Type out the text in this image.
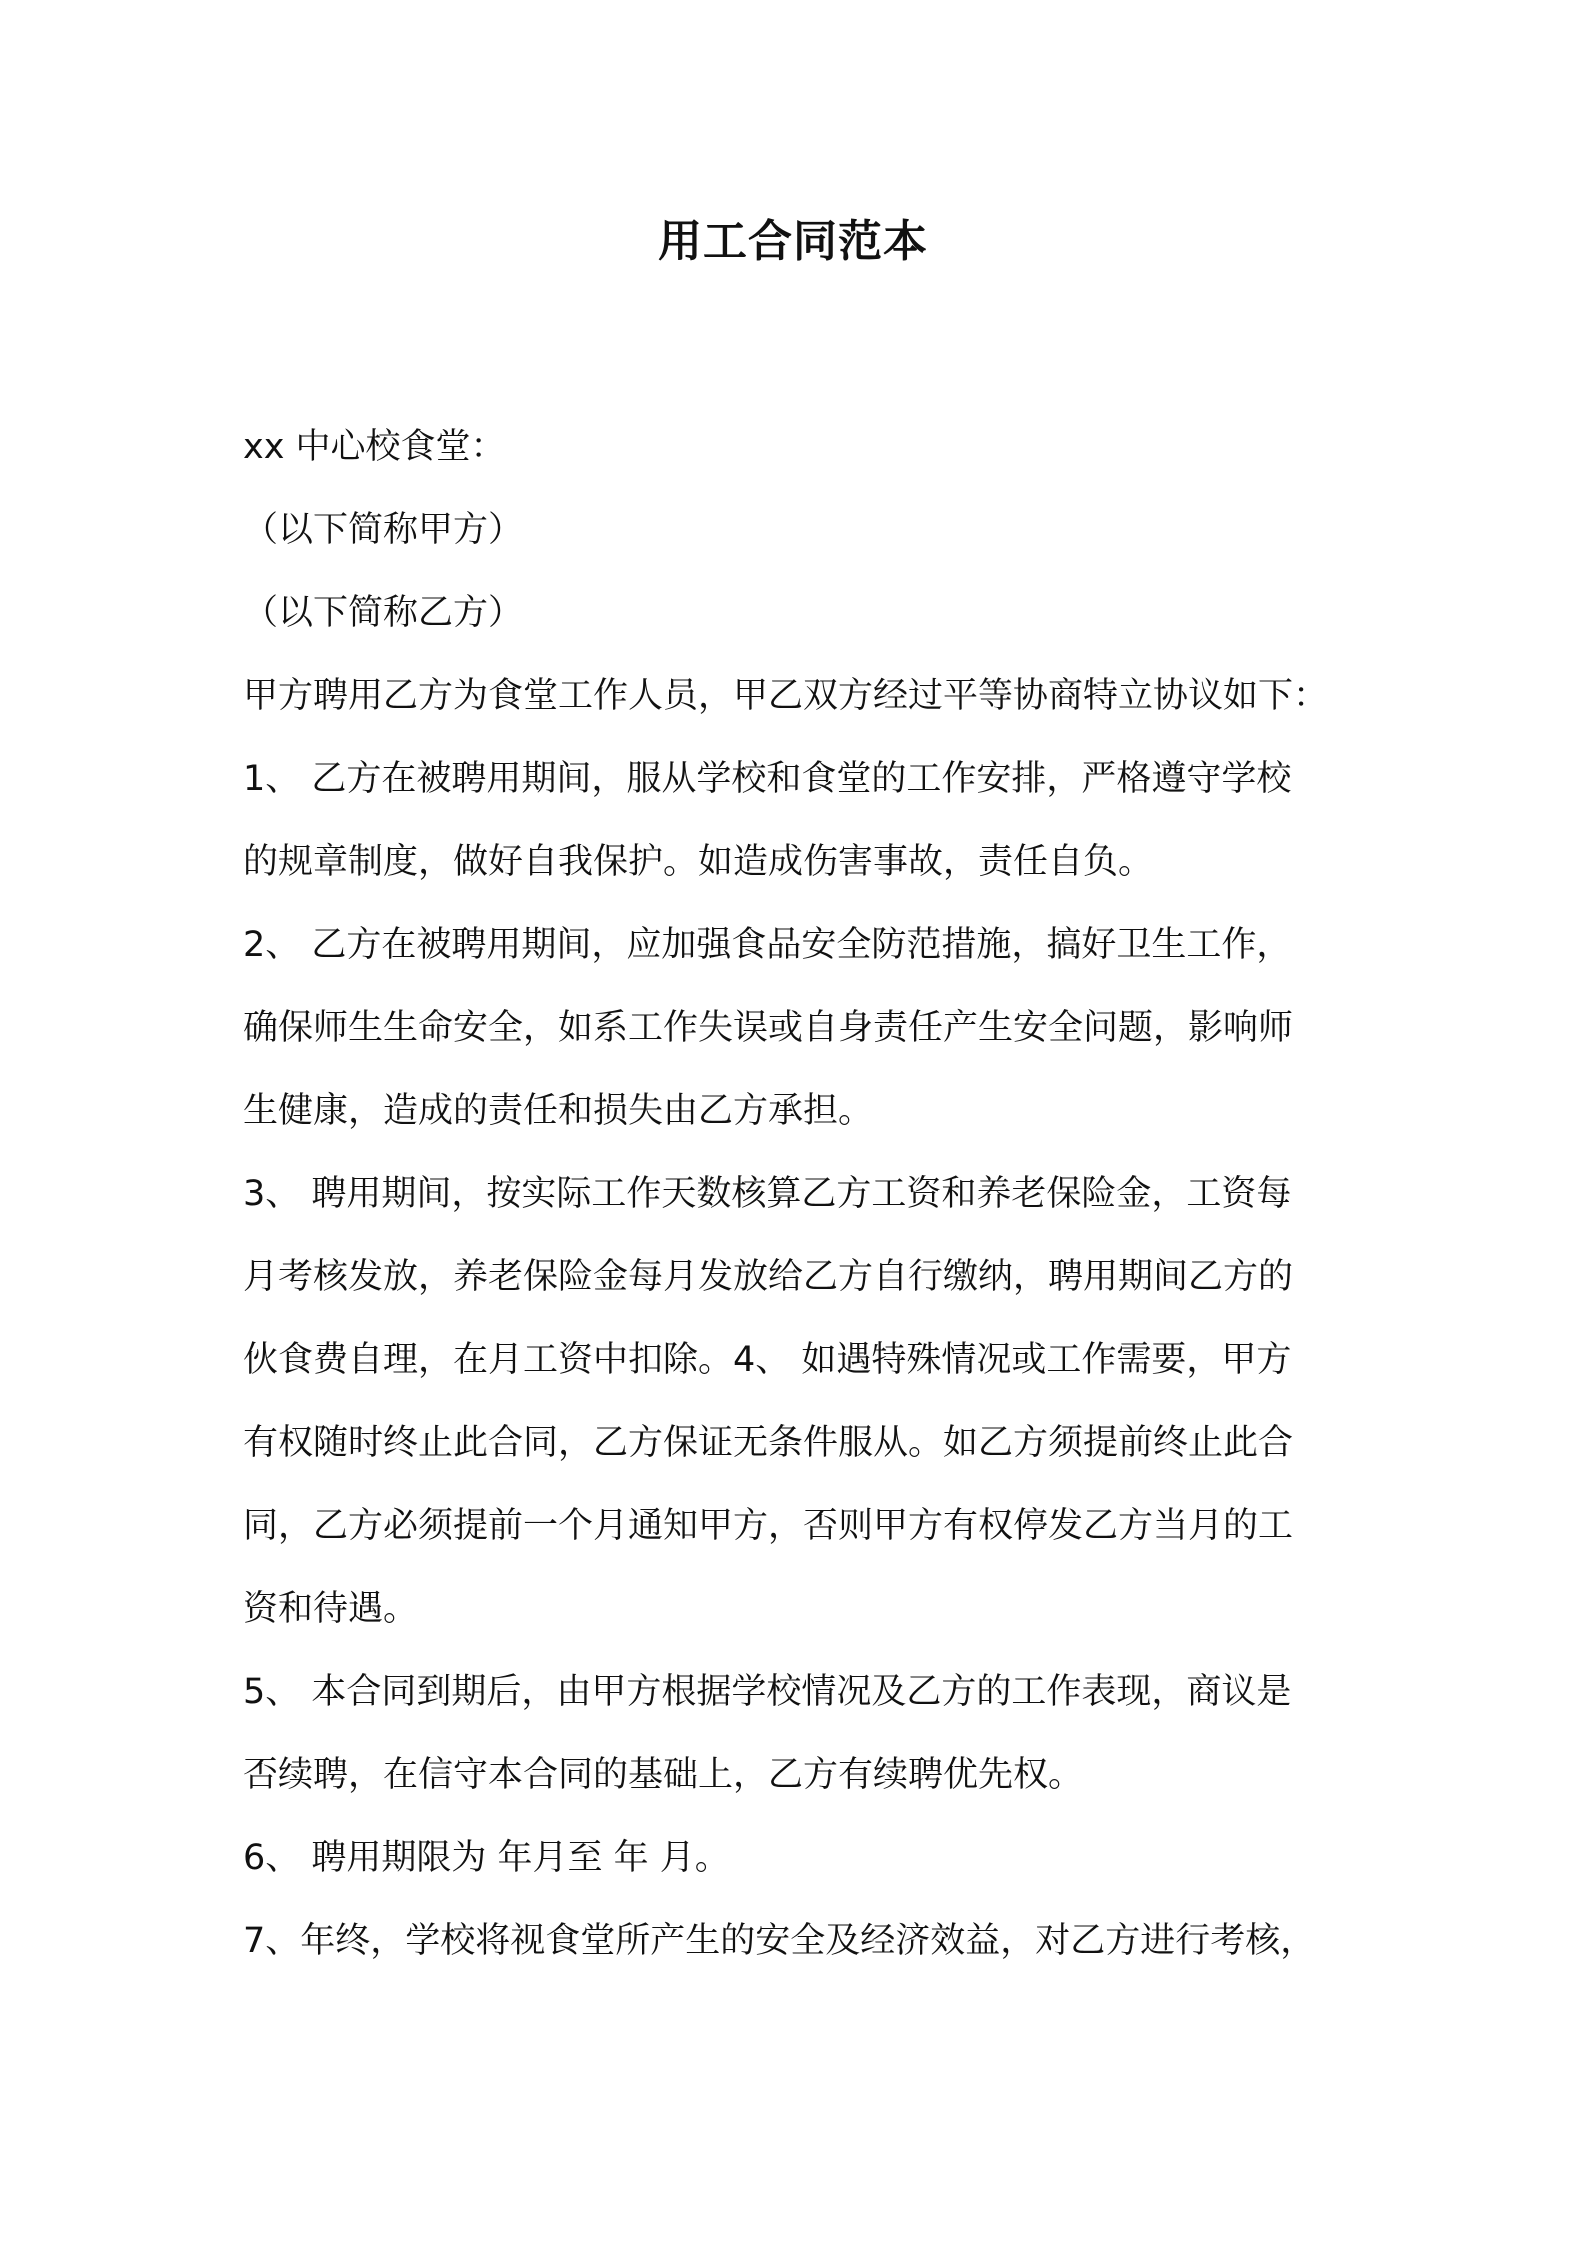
用工合同范本
xx 中心校食堂：
（以下简称甲方）
（以下简称乙方）
甲方聘用乙方为食堂工作人员，甲乙双方经过平等协商特立协议如下：
1、 乙方在被聘用期间，服从学校和食堂的工作安排，严格遵守学校
的规章制度，做好自我保护。如造成伤害事故，责任自负。
2、 乙方在被聘用期间，应加强食品安全防范措施，搞好卫生工作，
确保师生生命安全，如系工作失误或自身责任产生安全问题，影响师
生健康，造成的责任和损失由乙方承担。
3、 聘用期间，按实际工作天数核算乙方工资和养老保险金，工资每
月考核发放，养老保险金每月发放给乙方自行缴纳，聘用期间乙方的
伙食费自理，在月工资中扣除。4、 如遇特殊情况或工作需要，甲方
有权随时终止此合同，乙方保证无条件服从。如乙方须提前终止此合
同，乙方必须提前一个月通知甲方，否则甲方有权停发乙方当月的工
资和待遇。
5、 本合同到期后，由甲方根据学校情况及乙方的工作表现，商议是
否续聘，在信守本合同的基础上，乙方有续聘优先权。
6、 聘用期限为 年月至 年 月。
7、年终，学校将视食堂所产生的安全及经济效益，对乙方进行考核，
